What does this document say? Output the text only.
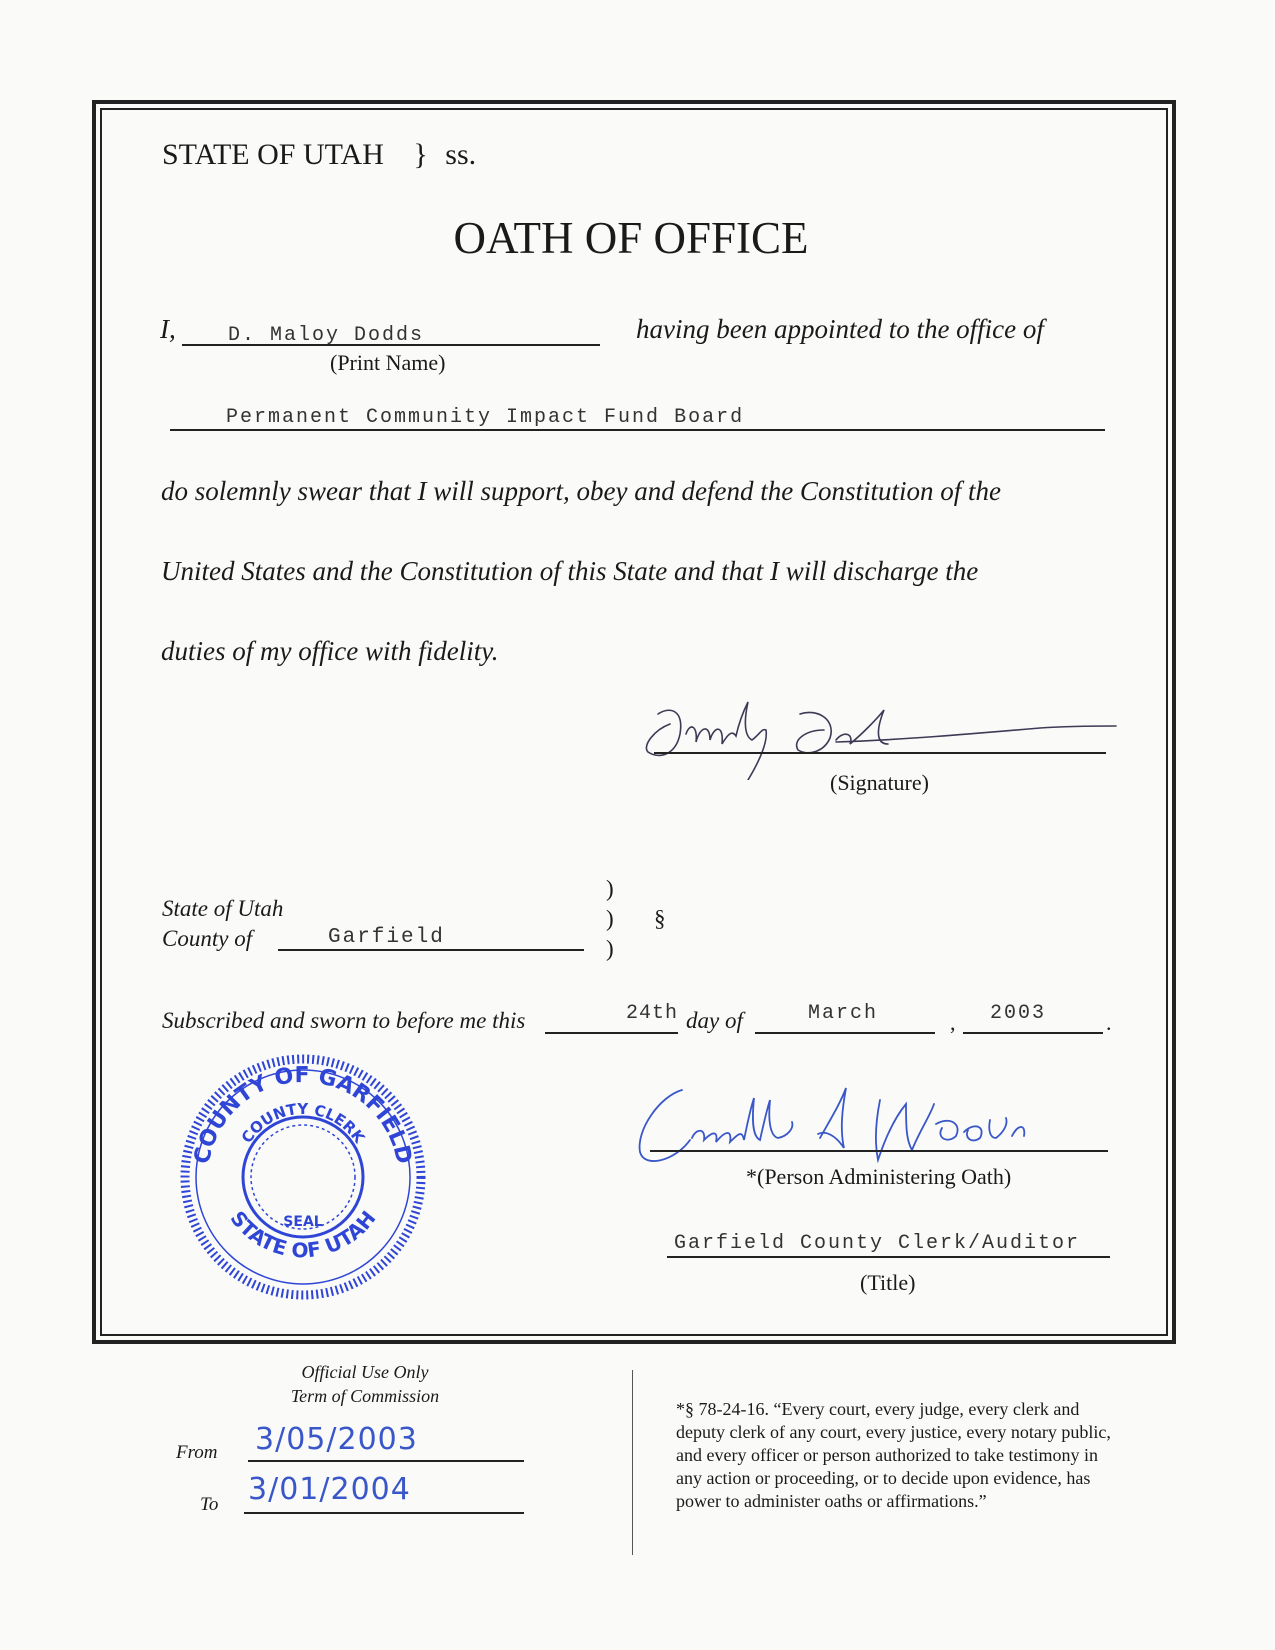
STATE OF UTAH } ss.
OATH OF OFFICE
I,	D. Maloy Dodds
(Print Name)
having been appointed to the office of
Permanent Community Impact Fund Board
do solemnly swear that I will support, obey and defend the Constitution of the
United States and the Constitution of this State and that I will discharge the
duties of my office with fidelity.
(Signature)
State of Utah
County of	Garfield
)
)
)
§
Subscribed and sworn to before me this	24th day of	March	, 2003	.
COUNTY OF GARFIELD
STATE OF UTAH
COUNTY CLERK
SEAL
*(Person Administering Oath)
Garfield County Clerk/Auditor
(Title)
Official Use Only
Term of Commission
From 3/05/2003
To 3/01/2004
*§ 78-24-16. “Every court, every judge, every clerk and
deputy clerk of any court, every justice, every notary public,
and every officer or person authorized to take testimony in
any action or proceeding, or to decide upon evidence, has
power to administer oaths or affirmations.”
